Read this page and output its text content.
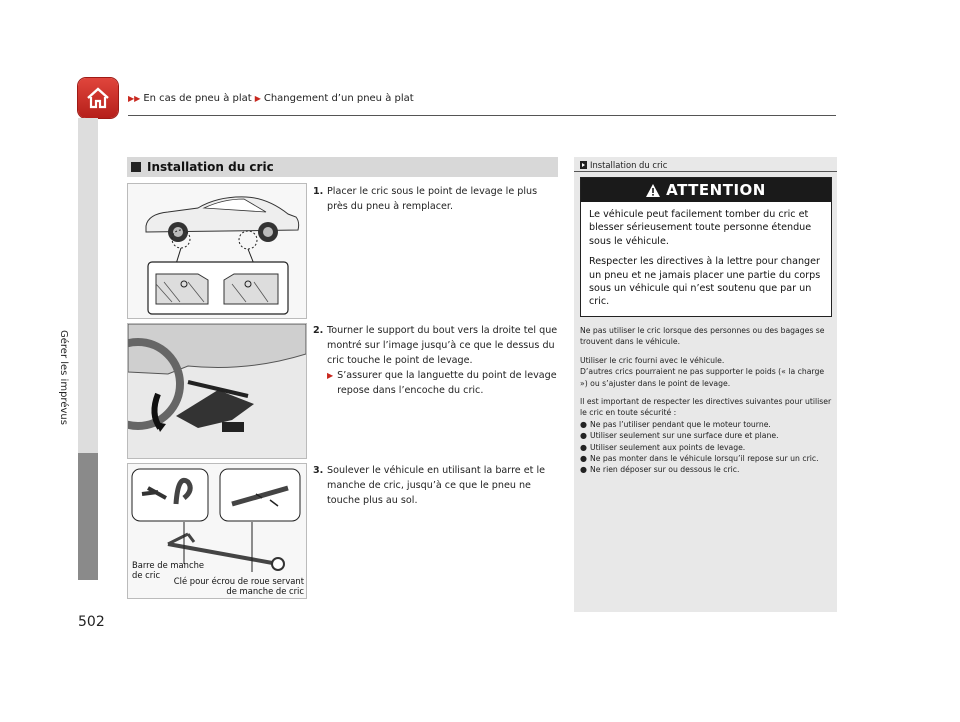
▶▶ En cas de pneu à plat ▶ Changement d’un pneu à plat
Gérer les imprévus
502
Installation du cric
Barre de manche de cric
Clé pour écrou de roue servant de manche de cric
1. Placer le cric sous le point de levage le plus près du pneu à remplacer.
2. Tourner le support du bout vers la droite tel que montré sur l’image jusqu’à ce que le dessus du cric touche le point de levage.
▶ S’assurer que la languette du point de levage repose dans l’encoche du cric.
3. Soulever le véhicule en utilisant la barre et le manche de cric, jusqu’à ce que le pneu ne touche plus au sol.
Installation du cric
ATTENTION

Le véhicule peut facilement tomber du cric et blesser sérieusement toute personne étendue sous le véhicule.

Respecter les directives à la lettre pour changer un pneu et ne jamais placer une partie du corps sous un véhicule qui n’est soutenu que par un cric.

Ne pas utiliser le cric lorsque des personnes ou des bagages se trouvent dans le véhicule.

Utiliser le cric fourni avec le véhicule.
D’autres crics pourraient ne pas supporter le poids (« la charge ») ou s’ajuster dans le point de levage.

Il est important de respecter les directives suivantes pour utiliser le cric en toute sécurité :

● Ne pas l’utiliser pendant que le moteur tourne.
● Utiliser seulement sur une surface dure et plane.
● Utiliser seulement aux points de levage.
● Ne pas monter dans le véhicule lorsqu’il repose sur un cric.
● Ne rien déposer sur ou dessous le cric.
